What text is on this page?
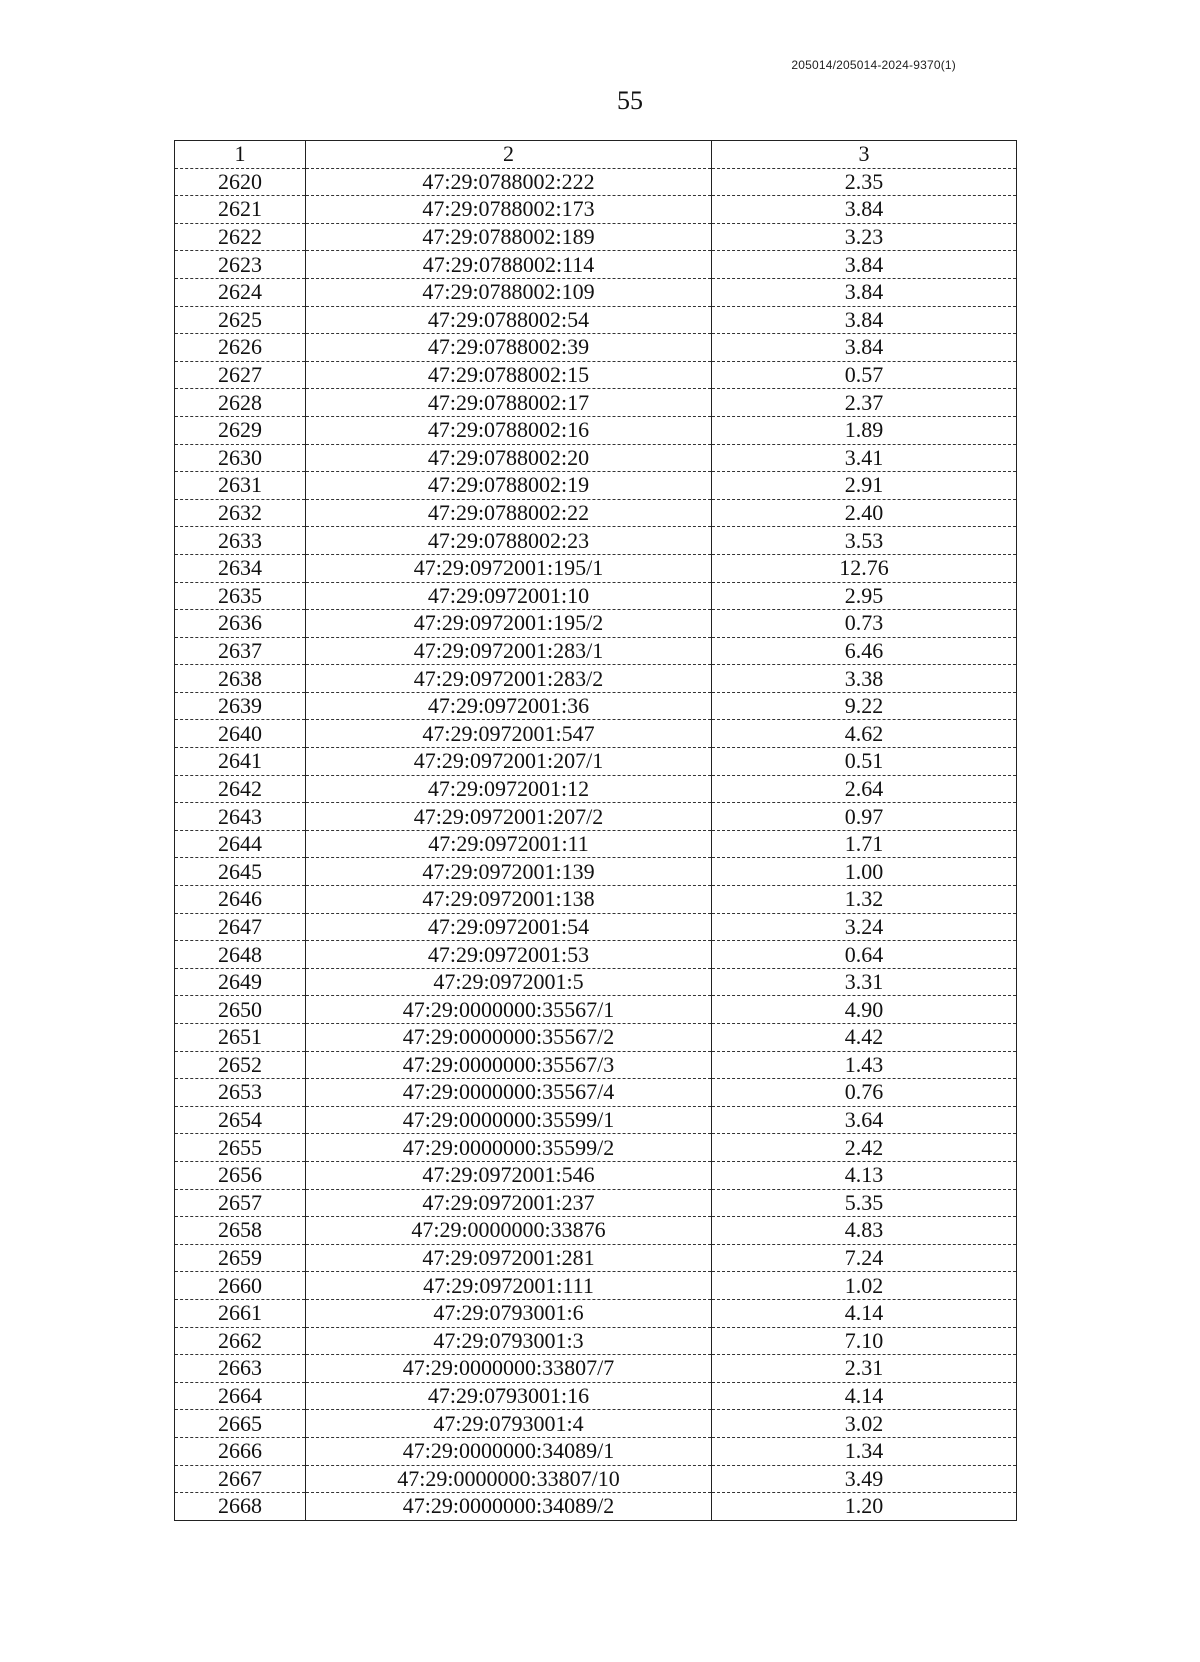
205014/205014-2024-9370(1)
55
1	2	3
2620	47:29:0788002:222	2.35
2621	47:29:0788002:173	3.84
2622	47:29:0788002:189	3.23
2623	47:29:0788002:114	3.84
2624	47:29:0788002:109	3.84
2625	47:29:0788002:54	3.84
2626	47:29:0788002:39	3.84
2627	47:29:0788002:15	0.57
2628	47:29:0788002:17	2.37
2629	47:29:0788002:16	1.89
2630	47:29:0788002:20	3.41
2631	47:29:0788002:19	2.91
2632	47:29:0788002:22	2.40
2633	47:29:0788002:23	3.53
2634	47:29:0972001:195/1	12.76
2635	47:29:0972001:10	2.95
2636	47:29:0972001:195/2	0.73
2637	47:29:0972001:283/1	6.46
2638	47:29:0972001:283/2	3.38
2639	47:29:0972001:36	9.22
2640	47:29:0972001:547	4.62
2641	47:29:0972001:207/1	0.51
2642	47:29:0972001:12	2.64
2643	47:29:0972001:207/2	0.97
2644	47:29:0972001:11	1.71
2645	47:29:0972001:139	1.00
2646	47:29:0972001:138	1.32
2647	47:29:0972001:54	3.24
2648	47:29:0972001:53	0.64
2649	47:29:0972001:5	3.31
2650	47:29:0000000:35567/1	4.90
2651	47:29:0000000:35567/2	4.42
2652	47:29:0000000:35567/3	1.43
2653	47:29:0000000:35567/4	0.76
2654	47:29:0000000:35599/1	3.64
2655	47:29:0000000:35599/2	2.42
2656	47:29:0972001:546	4.13
2657	47:29:0972001:237	5.35
2658	47:29:0000000:33876	4.83
2659	47:29:0972001:281	7.24
2660	47:29:0972001:111	1.02
2661	47:29:0793001:6	4.14
2662	47:29:0793001:3	7.10
2663	47:29:0000000:33807/7	2.31
2664	47:29:0793001:16	4.14
2665	47:29:0793001:4	3.02
2666	47:29:0000000:34089/1	1.34
2667	47:29:0000000:33807/10	3.49
2668	47:29:0000000:34089/2	1.20
